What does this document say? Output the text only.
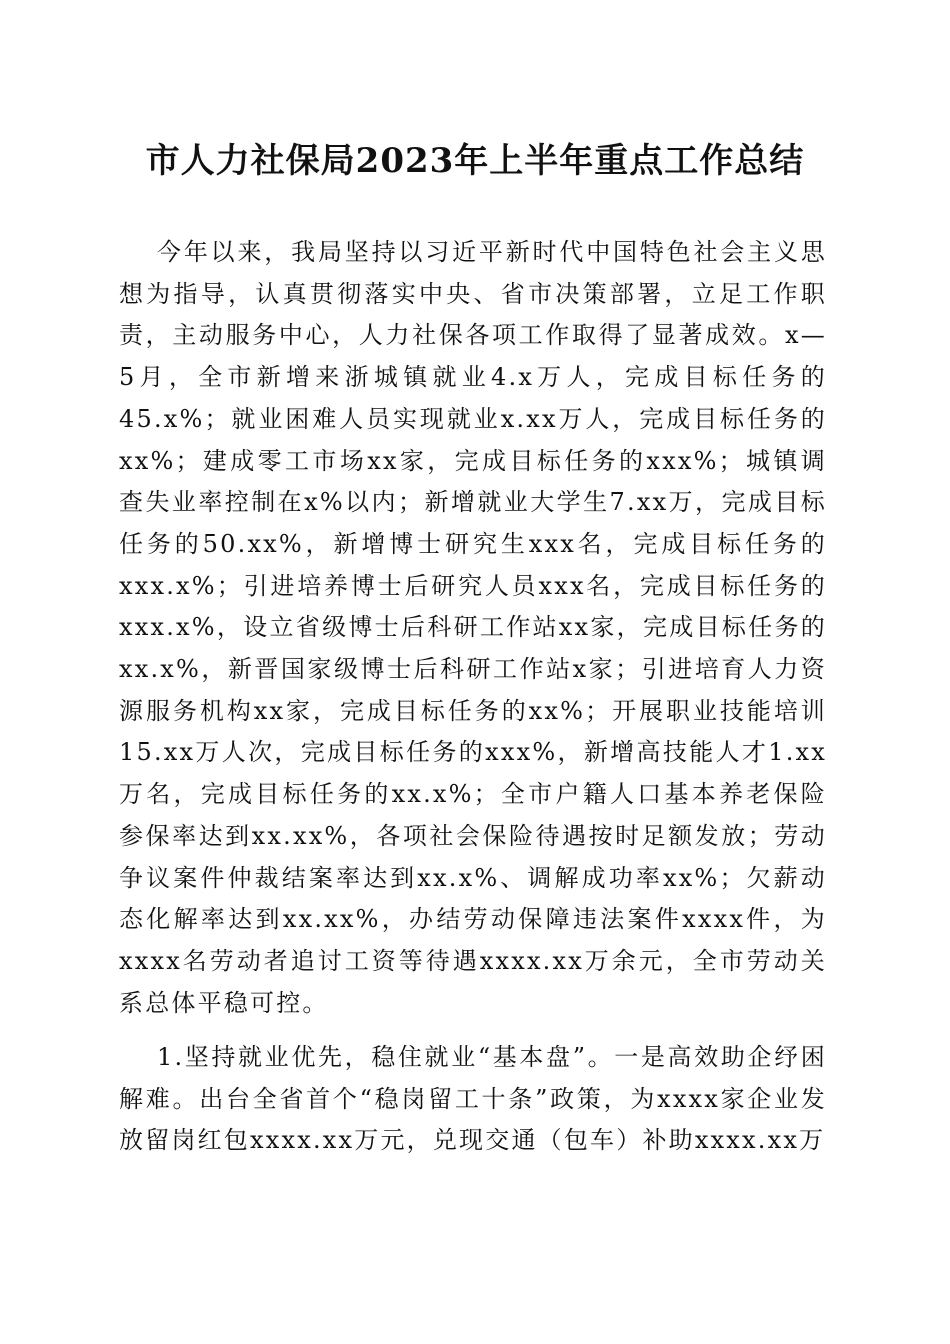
市人力社保局2023年上半年重点工作总结

今年以来，我局坚持以习近平新时代中国特色社会主义思想为指导，认真贯彻落实中央、省市决策部署，立足工作职责，主动服务中心，人力社保各项工作取得了显著成效。x—5月，全市新增来浙城镇就业4.x万人，完成目标任务的45.x%；就业困难人员实现就业x.xx万人，完成目标任务的xx%；建成零工市场xx家，完成目标任务的xxx%；城镇调查失业率控制在x%以内；新增就业大学生7.xx万，完成目标任务的50.xx%，新增博士研究生xxx名，完成目标任务的xxx.x%；引进培养博士后研究人员xxx名，完成目标任务的xxx.x%，设立省级博士后科研工作站xx家，完成目标任务的xx.x%，新晋国家级博士后科研工作站x家；引进培育人力资源服务机构xx家，完成目标任务的xx%；开展职业技能培训15.xx万人次，完成目标任务的xxx%，新增高技能人才1.xx万名，完成目标任务的xx.x%；全市户籍人口基本养老保险参保率达到xx.xx%，各项社会保险待遇按时足额发放；劳动争议案件仲裁结案率达到xx.x%、调解成功率xx%；欠薪动态化解率达到xx.xx%，办结劳动保障违法案件xxxx件，为xxxx名劳动者追讨工资等待遇xxxx.xx万余元，全市劳动关系总体平稳可控。

1.坚持就业优先，稳住就业“基本盘”。一是高效助企纾困解难。出台全省首个“稳岗留工十条”政策，为xxxx家企业发放留岗红包xxxx.xx万元，兑现交通（包车）补助xxxx.xx万
